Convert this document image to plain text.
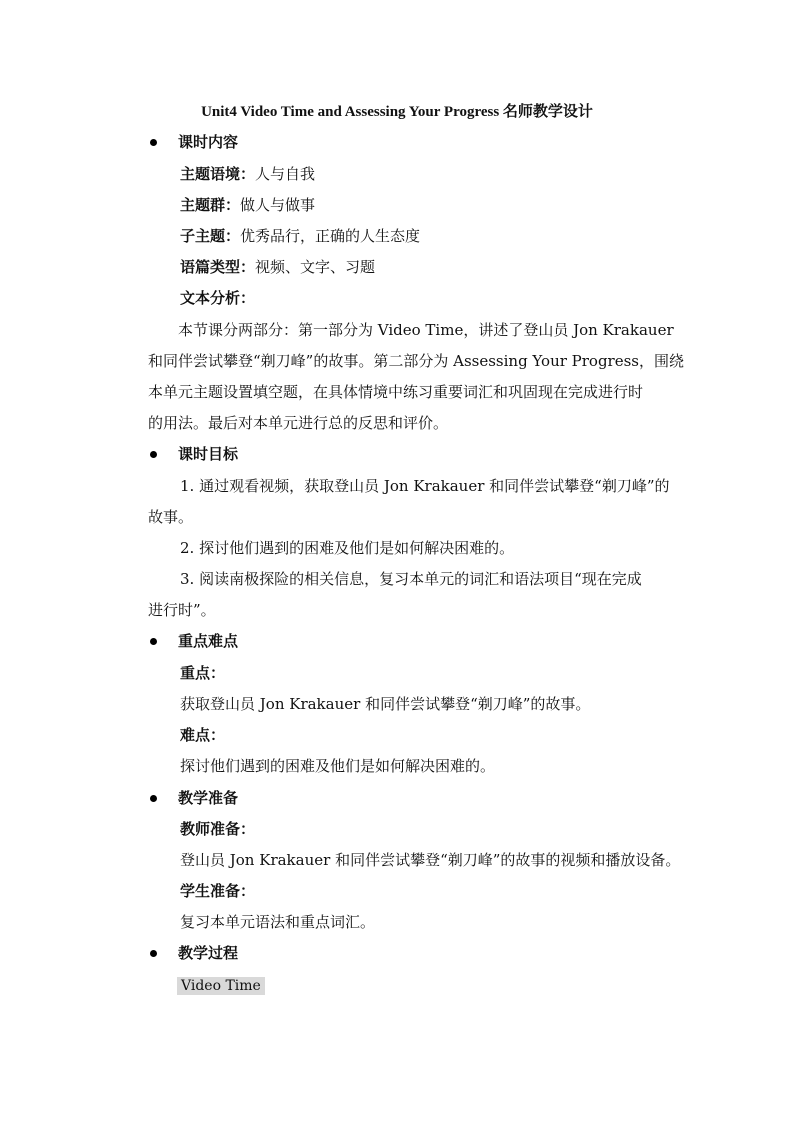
Unit4 Video Time and Assessing Your Progress 名师教学设计
课时内容
主题语境：人与自我
主题群：做人与做事
子主题：优秀品行，正确的人生态度
语篇类型：视频、文字、习题
文本分析：
本节课分两部分：第一部分为 Video Time，讲述了登山员 Jon Krakauer
和同伴尝试攀登“剃刀峰”的故事。第二部分为 Assessing Your Progress，围绕
本单元主题设置填空题，在具体情境中练习重要词汇和巩固现在完成进行时
的用法。最后对本单元进行总的反思和评价。
课时目标
1. 通过观看视频，获取登山员 Jon Krakauer 和同伴尝试攀登“剃刀峰”的
故事。
2. 探讨他们遇到的困难及他们是如何解决困难的。
3. 阅读南极探险的相关信息，复习本单元的词汇和语法项目“现在完成
进行时”。
重点难点
重点：
获取登山员 Jon Krakauer 和同伴尝试攀登“剃刀峰”的故事。
难点：
探讨他们遇到的困难及他们是如何解决困难的。
教学准备
教师准备：
登山员 Jon Krakauer 和同伴尝试攀登“剃刀峰”的故事的视频和播放设备。
学生准备：
复习本单元语法和重点词汇。
教学过程
Video Time
